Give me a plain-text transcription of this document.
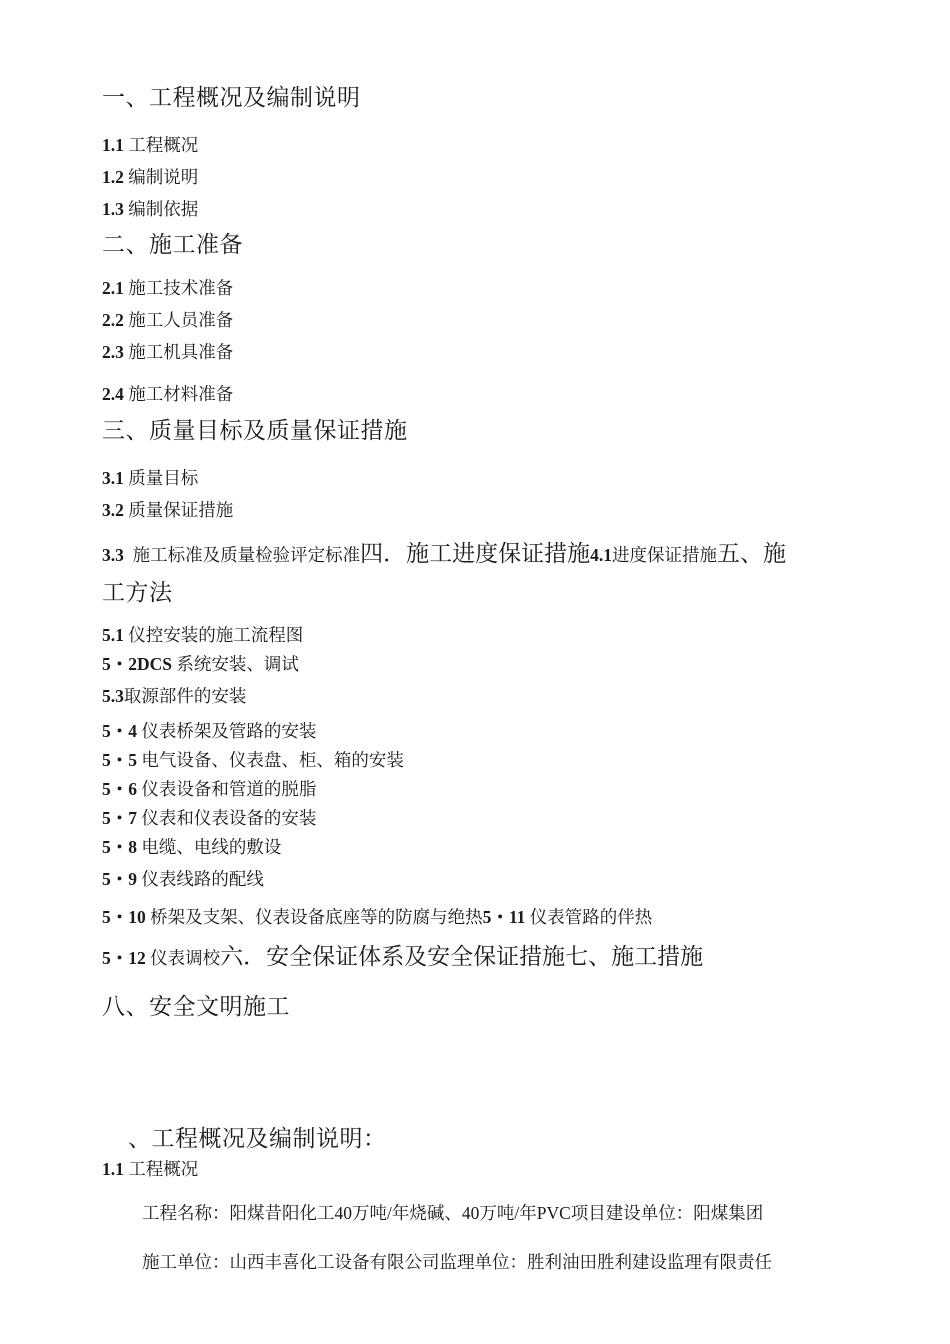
一、工程概况及编制说明
1.1 工程概况
1.2 编制说明
1.3 编制依据
二、施工准备
2.1 施工技术准备
2.2 施工人员准备
2.3 施工机具准备
2.4 施工材料准备
三、质量目标及质量保证措施
3.1 质量目标
3.2 质量保证措施
3.3 施工标准及质量检验评定标准四．施工进度保证措施4.1进度保证措施五、施
工方法
5.1 仪控安装的施工流程图
5・2DCS 系统安装、调试
5.3取源部件的安装
5・4 仪表桥架及管路的安装
5・5 电气设备、仪表盘、柜、箱的安装
5・6 仪表设备和管道的脱脂
5・7 仪表和仪表设备的安装
5・8 电缆、电线的敷设
5・9 仪表线路的配线
5・10 桥架及支架、仪表设备底座等的防腐与绝热5・11 仪表管路的伴热
5・12 仪表调校六．安全保证体系及安全保证措施七、施工措施
八、安全文明施工
、工程概况及编制说明：
1.1 工程概况
工程名称：阳煤昔阳化工40万吨/年烧碱、40万吨/年PVC项目建设单位：阳煤集团
施工单位：山西丰喜化工设备有限公司监理单位：胜利油田胜利建设监理有限责任
